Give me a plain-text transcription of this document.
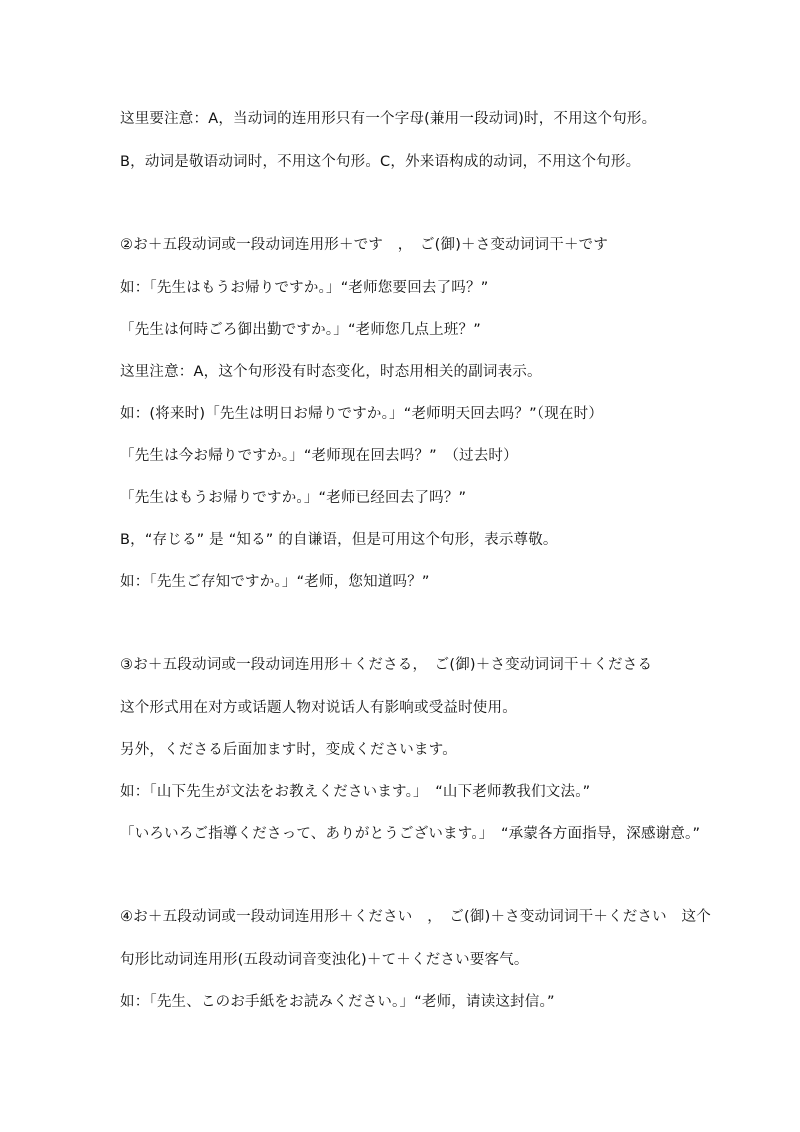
这里要注意：A，当动词的连用形只有一个字母(兼用一段动词)时，不用这个句形。

B，动词是敬语动词时，不用这个句形。C，外来语构成的动词，不用这个句形。

②お＋五段动词或一段动词连用形＋です　，　ご(御)＋さ变动词词干＋です

如：「先生はもうお帰りですか。」“老师您要回去了吗？”

「先生は何時ごろ御出勤ですか。」“老师您几点上班？”

这里注意：A，这个句形没有时态变化，时态用相关的副词表示。

如：(将来时)「先生は明日お帰りですか。」“老师明天回去吗？”（现在时）

「先生は今お帰りですか。」“老师现在回去吗？”　（过去时）

「先生はもうお帰りですか。」“老师已经回去了吗？”

B，“存じる” 是 “知る” 的自谦语，但是可用这个句形，表示尊敬。

如：「先生ご存知ですか。」“老师，您知道吗？”

③お＋五段动词或一段动词连用形＋くださる，　ご(御)＋さ变动词词干＋くださる

这个形式用在对方或话题人物对说话人有影响或受益时使用。

另外，くださる后面加ます时，变成くださいます。

如：「山下先生が文法をお教えくださいます。」　“山下老师教我们文法。”

「いろいろご指導くださって、ありがとうございます。」　“承蒙各方面指导，深感谢意。”

④お＋五段动词或一段动词连用形＋ください　，　ご(御)＋さ变动词词干＋ください　这个

句形比动词连用形(五段动词音变浊化)＋て＋ください要客气。

如：「先生、このお手紙をお読みください。」“老师，请读这封信。”
